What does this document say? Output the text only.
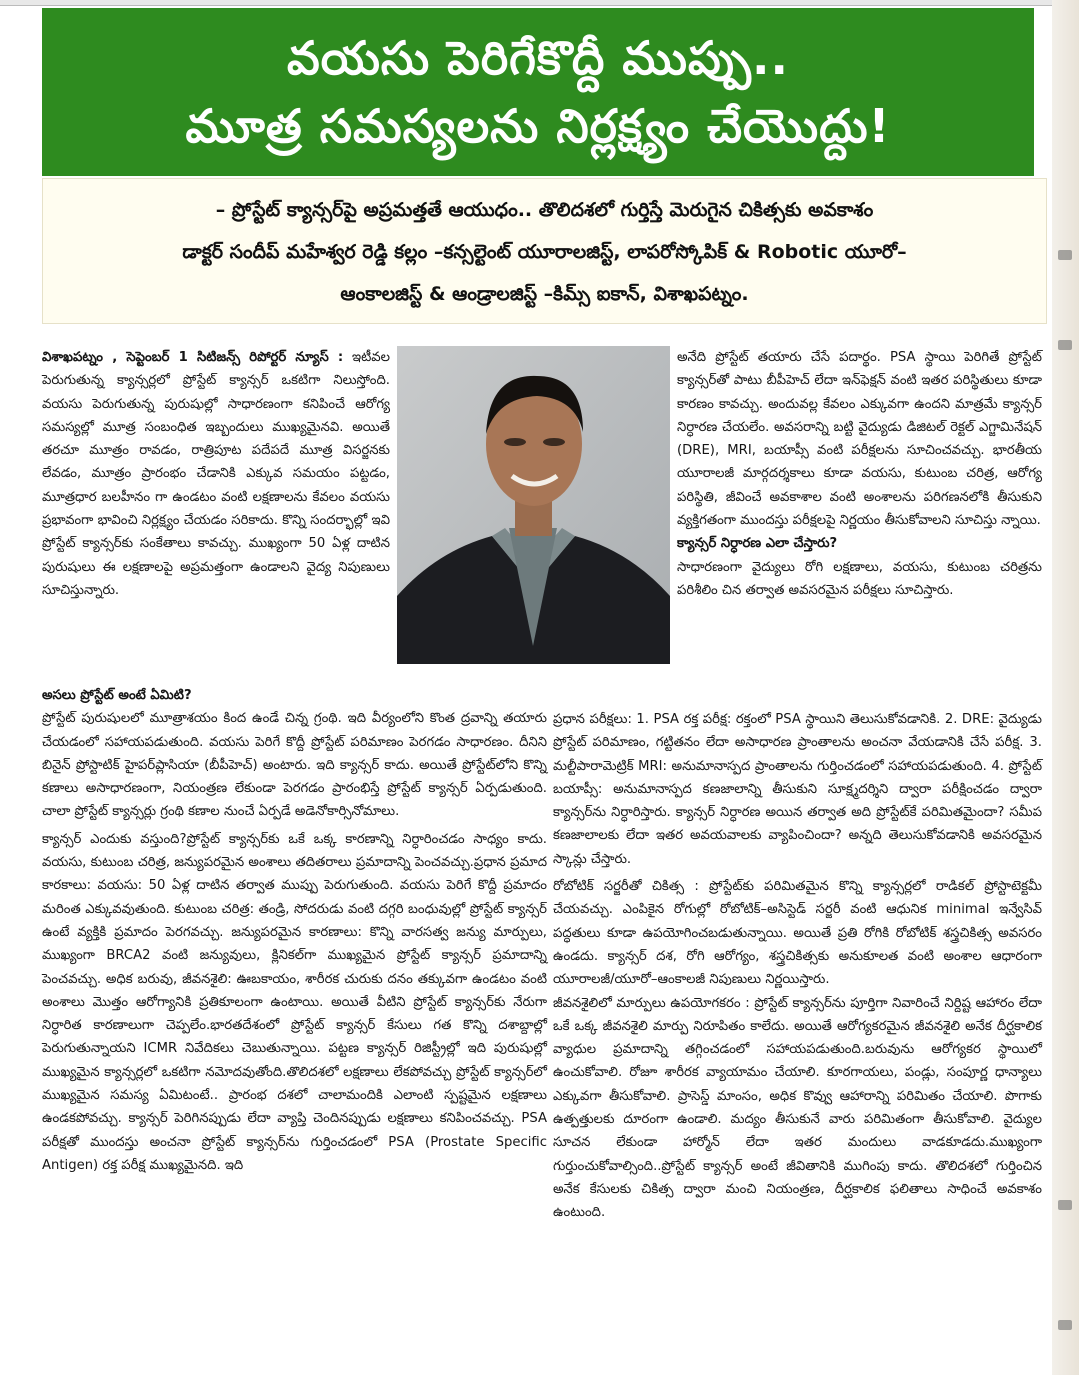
వయసు పెరిగేకొద్దీ ముప్పు..
మూత్ర సమస్యలను నిర్లక్ష్యం చేయొద్దు!
– ప్రోస్టేట్ క్యాన్సర్‌పై అప్రమత్తతే ఆయుధం.. తొలిదశలో గుర్తిస్తే మెరుగైన చికిత్సకు అవకాశం
డాక్టర్ సందీప్ మహేశ్వర రెడ్డి కల్లం –కన్సల్టెంట్ యూరాలజిస్ట్, లాపరోస్కోపిక్ & Robotic యూరో–
ఆంకాలజిస్ట్ & ఆండ్రాలజిస్ట్ –కిమ్స్ ఐకాన్, విశాఖపట్నం.

విశాఖపట్నం , సెప్టెంబర్ 1 సిటిజన్స్ రిపోర్టర్ న్యూస్ : ఇటీవల పెరుగుతున్న క్యాన్సర్లలో ప్రోస్టేట్ క్యాన్సర్ ఒకటిగా నిలుస్తోంది. వయసు పెరుగుతున్న పురుషుల్లో సాధారణంగా కనిపించే ఆరోగ్య సమస్యల్లో మూత్ర సంబంధిత ఇబ్బందులు ముఖ్యమైనవి. అయితే తరచూ మూత్రం రావడం, రాత్రిపూట పదేపదే మూత్ర విసర్జనకు లేవడం, మూత్రం ప్రారంభం చేడానికి ఎక్కువ సమయం పట్టడం, మూత్రధార బలహీనం గా ఉండటం వంటి లక్షణాలను కేవలం వయసు ప్రభావంగా భావించి నిర్లక్ష్యం చేయడం సరికాదు. కొన్ని సందర్భాల్లో ఇవి ప్రోస్టేట్ క్యాన్సర్‌కు సంకేతాలు కావచ్చు. ముఖ్యంగా 50 ఏళ్ల దాటిన పురుషులు ఈ లక్షణాలపై అప్రమత్తంగా ఉండాలని వైద్య నిపుణులు సూచిస్తున్నారు.

అసలు ప్రోస్టేట్ అంటే ఏమిటి?

ప్రోస్టేట్ పురుషులలో మూత్రాశయం కింద ఉండే చిన్న గ్రంథి. ఇది వీర్యంలోని కొంత ద్రవాన్ని తయారు చేయడంలో సహాయపడుతుంది. వయసు పెరిగే కొద్దీ ప్రోస్టేట్ పరిమాణం పెరగడం సాధారణం. దీనిని బినైన్ ప్రోస్టాటిక్ హైపర్‌ప్లాసియా (బీపీహెచ్) అంటారు. ఇది క్యాన్సర్ కాదు. అయితే ప్రోస్టేట్‌లోని కొన్ని కణాలు అసాధారణంగా, నియంత్రణ లేకుండా పెరగడం ప్రారంభిస్తే ప్రోస్టేట్ క్యాన్సర్ ఏర్పడుతుంది. చాలా ప్రోస్టేట్ క్యాన్సర్లు గ్రంథి కణాల నుంచే ఏర్పడే అడెనోకార్సినోమాలు.

క్యాన్సర్ ఎందుకు వస్తుంది?ప్రోస్టేట్ క్యాన్సర్‌కు ఒకే ఒక్క కారణాన్ని నిర్ధారించడం సాధ్యం కాదు. వయసు, కుటుంబ చరిత్ర, జన్యుపరమైన అంశాలు తదితరాలు ప్రమాదాన్ని పెంచవచ్చు.ప్రధాన ప్రమాద కారకాలు: వయసు: 50 ఏళ్ల దాటిన తర్వాత ముప్పు పెరుగుతుంది. వయసు పెరిగే కొద్దీ ప్రమాదం మరింత ఎక్కువవుతుంది. కుటుంబ చరిత్ర: తండ్రి, సోదరుడు వంటి దగ్గరి బంధువుల్లో ప్రోస్టేట్ క్యాన్సర్ ఉంటే వ్యక్తికి ప్రమాదం పెరగవచ్చు. జన్యుపరమైన కారణాలు: కొన్ని వారసత్వ జన్యు మార్పులు, ముఖ్యంగా BRCA2 వంటి జన్యువులు, క్లినికల్‌గా ముఖ్యమైన ప్రోస్టేట్ క్యాన్సర్ ప్రమాదాన్ని పెంచవచ్చు. అధిక బరువు, జీవనశైలి: ఊబకాయం, శారీరక చురుకు దనం తక్కువగా ఉండటం వంటి అంశాలు మొత్తం ఆరోగ్యానికి ప్రతికూలంగా ఉంటాయి. అయితే వీటిని ప్రోస్టేట్ క్యాన్సర్‌కు నేరుగా నిర్ధారిత కారణాలుగా చెప్పలేం.భారతదేశంలో ప్రోస్టేట్ క్యాన్సర్ కేసులు గత కొన్ని దశాబ్దాల్లో పెరుగుతున్నాయని ICMR నివేదికలు చెబుతున్నాయి. పట్టణ క్యాన్సర్ రిజిస్ట్రీల్లో ఇది పురుషుల్లో ముఖ్యమైన క్యాన్సర్లలో ఒకటిగా నమోదవుతోంది.తొలిదశలో లక్షణాలు లేకపోవచ్చు ప్రోస్టేట్ క్యాన్సర్‌లో ముఖ్యమైన సమస్య ఏమిటంటే.. ప్రారంభ దశలో చాలామందికి ఎలాంటి స్పష్టమైన లక్షణాలు ఉండకపోవచ్చు. క్యాన్సర్ పెరిగినప్పుడు లేదా వ్యాప్తి చెందినప్పుడు లక్షణాలు కనిపించవచ్చు. PSA పరీక్షతో ముందస్తు అంచనా ప్రోస్టేట్ క్యాన్సర్‌ను గుర్తించడంలో PSA (Prostate Specific Antigen) రక్త పరీక్ష ముఖ్యమైనది. ఇది

అనేది ప్రోస్టేట్ తయారు చేసే పదార్థం. PSA స్థాయి పెరిగితే ప్రోస్టేట్ క్యాన్సర్‌తో పాటు బీపీహెచ్ లేదా ఇన్‌ఫెక్షన్ వంటి ఇతర పరిస్థితులు కూడా కారణం కావచ్చు. అందువల్ల కేవలం ఎక్కువగా ఉందని మాత్రమే క్యాన్సర్ నిర్ధారణ చేయలేం. అవసరాన్ని బట్టి వైద్యుడు డిజిటల్ రెక్టల్ ఎగ్జామినేషన్ (DRE), MRI, బయాప్సీ వంటి పరీక్షలను సూచించవచ్చు. భారతీయ యూరాలజీ మార్గదర్శకాలు కూడా వయసు, కుటుంబ చరిత్ర, ఆరోగ్య పరిస్థితి, జీవించే అవకాశాల వంటి అంశాలను పరిగణనలోకి తీసుకుని వ్యక్తిగతంగా ముందస్తు పరీక్షలపై నిర్ణయం తీసుకోవాలని సూచిస్తు న్నాయి.

క్యాన్సర్ నిర్ధారణ ఎలా చేస్తారు?

సాధారణంగా వైద్యులు రోగి లక్షణాలు, వయసు, కుటుంబ చరిత్రను పరిశీలిం చిన తర్వాత అవసరమైన పరీక్షలు సూచిస్తారు.

ప్రధాన పరీక్షలు: 1. PSA రక్త పరీక్ష: రక్తంలో PSA స్థాయిని తెలుసుకోవడానికి. 2. DRE: వైద్యుడు ప్రోస్టేట్ పరిమాణం, గట్టితనం లేదా అసాధారణ ప్రాంతాలను అంచనా వేయడానికి చేసే పరీక్ష. 3. మల్టీపారామెట్రిక్ MRI: అనుమానాస్పద ప్రాంతాలను గుర్తించడంలో సహాయపడుతుంది. 4. ప్రోస్టేట్ బయాప్సీ: అనుమానాస్పద కణజాలాన్ని తీసుకుని సూక్ష్మదర్శిని ద్వారా పరీక్షించడం ద్వారా క్యాన్సర్‌ను నిర్ధారిస్తారు. క్యాన్సర్ నిర్ధారణ అయిన తర్వాత అది ప్రోస్టేట్‌కే పరిమితమైందా? సమీప కణజాలాలకు లేదా ఇతర అవయవాలకు వ్యాపించిందా? అన్నది తెలుసుకోవడానికి అవసరమైన స్కాన్లు చేస్తారు.

రోబోటిక్ సర్జరీతో చికిత్స : ప్రోస్టేట్‌కు పరిమితమైన కొన్ని క్యాన్సర్లలో రాడికల్ ప్రోస్టాటెక్టమీ చేయవచ్చు. ఎంపికైన రోగుల్లో రోబోటిక్–అసిస్టెడ్ సర్జరీ వంటి ఆధునిక minimal ఇన్వేసివ్ పద్ధతులు కూడా ఉపయోగించబడుతున్నాయి. అయితే ప్రతి రోగికి రోబోటిక్ శస్త్రచికిత్స అవసరం ఉండదు. క్యాన్సర్ దశ, రోగి ఆరోగ్యం, శస్త్రచికిత్సకు అనుకూలత వంటి అంశాల ఆధారంగా యూరాలజీ/యూరో–ఆంకాలజీ నిపుణులు నిర్ణయిస్తారు.

జీవనశైలిలో మార్పులు ఉపయోగకరం : ప్రోస్టేట్ క్యాన్సర్‌ను పూర్తిగా నివారించే నిర్దిష్ట ఆహారం లేదా ఒకే ఒక్క జీవనశైలి మార్పు నిరూపితం కాలేదు. అయితే ఆరోగ్యకరమైన జీవనశైలి అనేక దీర్ఘకాలిక వ్యాధుల ప్రమాదాన్ని తగ్గించడంలో సహాయపడుతుంది.బరువును ఆరోగ్యకర స్థాయిలో ఉంచుకోవాలి. రోజూ శారీరక వ్యాయామం చేయాలి. కూరగాయలు, పండ్లు, సంపూర్ణ ధాన్యాలు ఎక్కువగా తీసుకోవాలి. ప్రాసెస్డ్ మాంసం, అధిక కొవ్వు ఆహారాన్ని పరిమితం చేయాలి. పొగాకు ఉత్పత్తులకు దూరంగా ఉండాలి. మద్యం తీసుకునే వారు పరిమితంగా తీసుకోవాలి. వైద్యుల సూచన లేకుండా హార్మోన్ లేదా ఇతర మందులు వాడకూడదు.ముఖ్యంగా గుర్తుంచుకోవాల్సింది..ప్రోస్టేట్ క్యాన్సర్ అంటే జీవితానికి ముగింపు కాదు. తొలిదశలో గుర్తించిన అనేక కేసులకు చికిత్స ద్వారా మంచి నియంత్రణ, దీర్ఘకాలిక ఫలితాలు సాధించే అవకాశం ఉంటుంది.
